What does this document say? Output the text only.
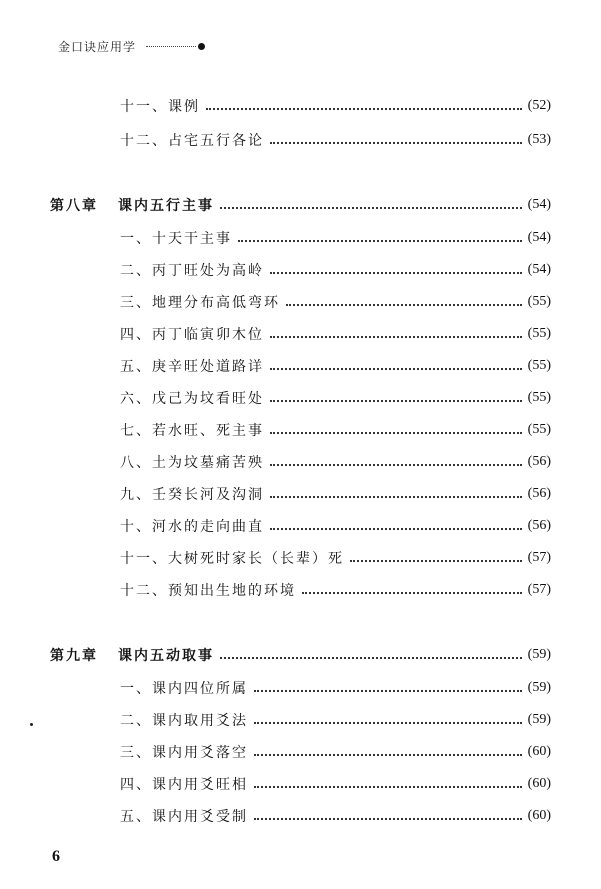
金口诀应用学
十一、课例	(52)
十二、占宅五行各论	(53)
第八章 课内五行主事	(54)
一、十天干主事	(54)
二、丙丁旺处为高岭	(54)
三、地理分布高低弯环	(55)
四、丙丁临寅卯木位	(55)
五、庚辛旺处道路详	(55)
六、戊己为坟看旺处	(55)
七、若水旺、死主事	(55)
八、土为坟墓痛苦殃	(56)
九、壬癸长河及沟洞	(56)
十、河水的走向曲直	(56)
十一、大树死时家长（长辈）死	(57)
十二、预知出生地的环境	(57)
第九章 课内五动取事	(59)
一、课内四位所属	(59)
二、课内取用爻法	(59)
三、课内用爻落空	(60)
四、课内用爻旺相	(60)
五、课内用爻受制	(60)
6
